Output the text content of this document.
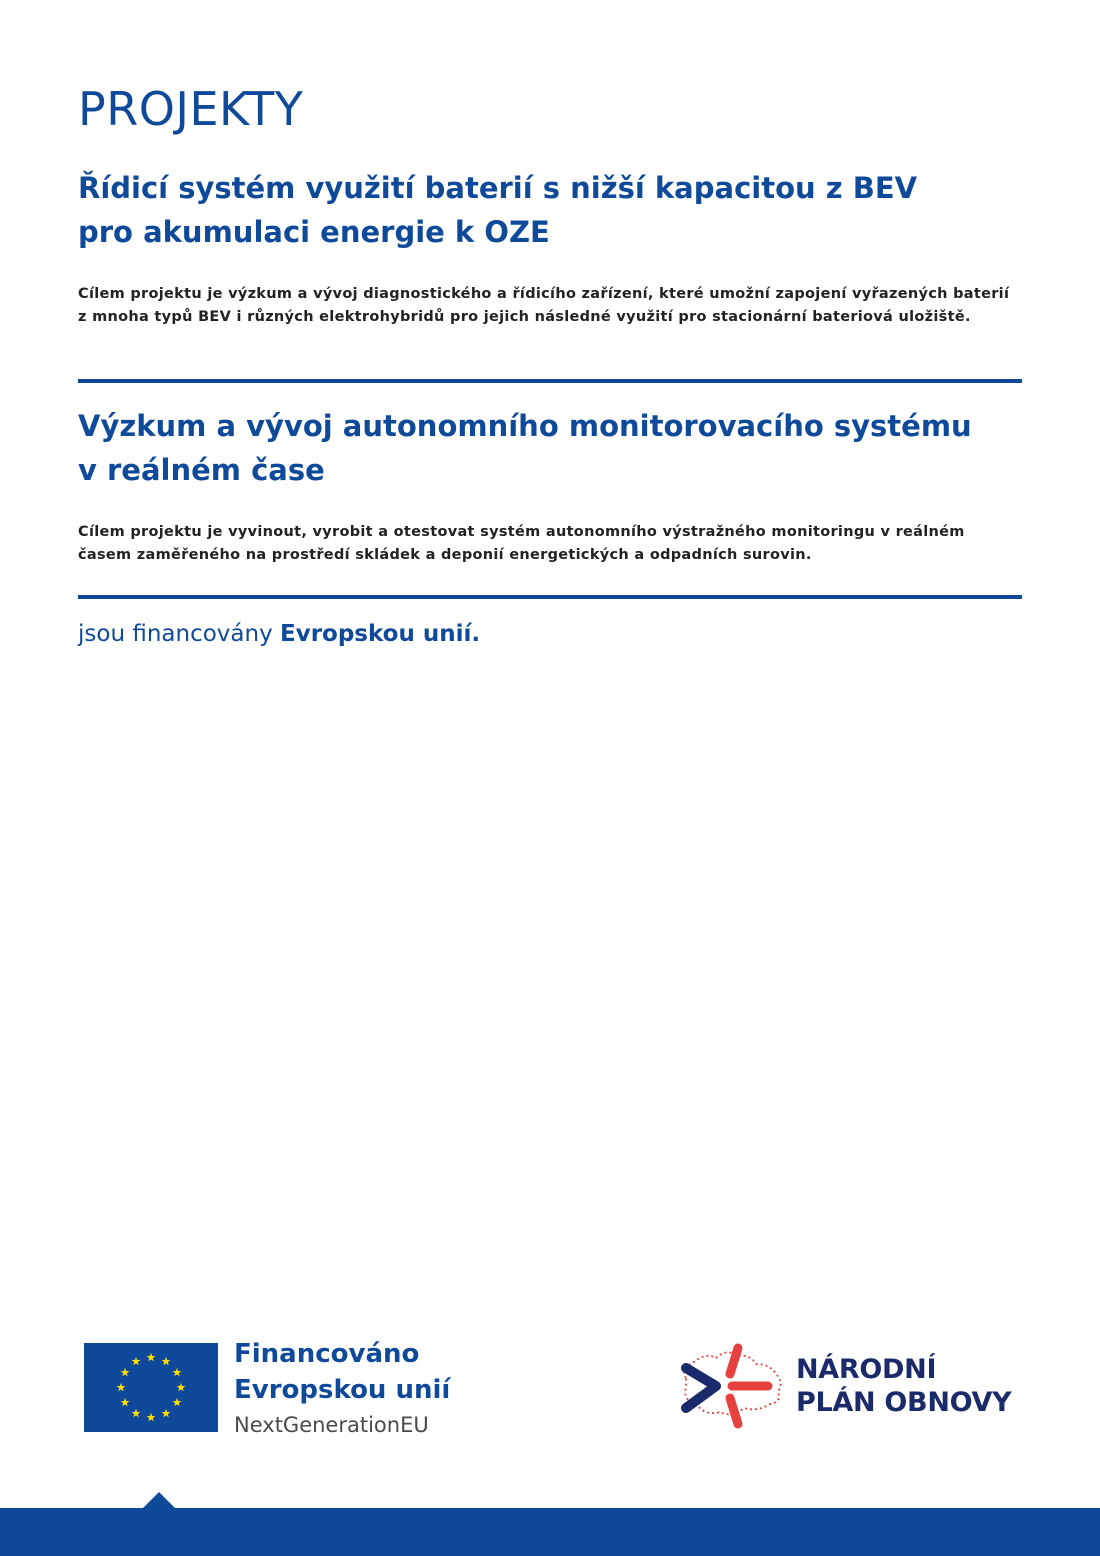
PROJEKTY
Řídicí systém využití baterií s nižší kapacitou z BEV
pro akumulaci energie k OZE

Cílem projektu je výzkum a vývoj diagnostického a řídicího zařízení, které umožní zapojení vyřazených baterií z mnoha typů BEV i různých elektrohybridů pro jejich následné využití pro stacionární bateriová uložiště.

Výzkum a vývoj autonomního monitorovacího systému
v reálném čase

Cílem projektu je vyvinout, vyrobit a otestovat systém autonomního výstražného monitoringu v reálném časem zaměřeného na prostředí skládek a deponií energetických a odpadních surovin.

jsou financovány Evropskou unií.

Financováno
Evropskou unií
NextGenerationEU
NÁRODNÍ
PLÁN OBNOVY
